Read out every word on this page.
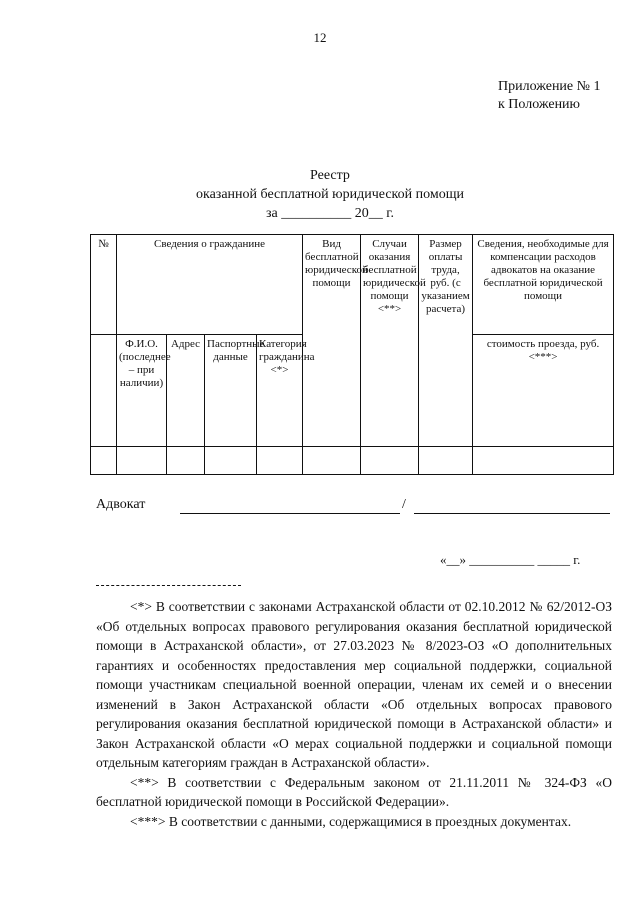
12
Приложение № 1
к Положению
Реестр
оказанной бесплатной юридической помощи
за __________ 20__ г.
№	Сведения о гражданине				Вид бесплатной юридической помощи	Случаи оказания бесплатной юридической помощи <**>	Размер оплаты труда, руб. (с указанием расчета)	Сведения, необходимые для компенсации расходов адвокатов на оказание бесплатной юридической помощи
	Ф.И.О. (последнее – при наличии)	Адрес	Паспортные данные	Категория гражданина <*>				стоимость проезда, руб. <***>

Адвокат	/
«__» __________ _____ г.

<*> В соответствии с законами Астраханской области от 02.10.2012 № 62/2012-ОЗ «Об отдельных вопросах правового регулирования оказания бесплатной юридической помощи в Астраханской области», от 27.03.2023 № 8/2023-ОЗ «О дополнительных гарантиях и особенностях предоставления мер социальной поддержки, социальной помощи участникам специальной военной операции, членам их семей и о внесении изменений в Закон Астраханской области «Об отдельных вопросах правового регулирования оказания бесплатной юридической помощи в Астраханской области» и Закон Астраханской области «О мерах социальной поддержки и социальной помощи отдельным категориям граждан в Астраханской области».

<**> В соответствии с Федеральным законом от 21.11.2011 № 324-ФЗ «О бесплатной юридической помощи в Российской Федерации».

<***> В соответствии с данными, содержащимися в проездных документах.
